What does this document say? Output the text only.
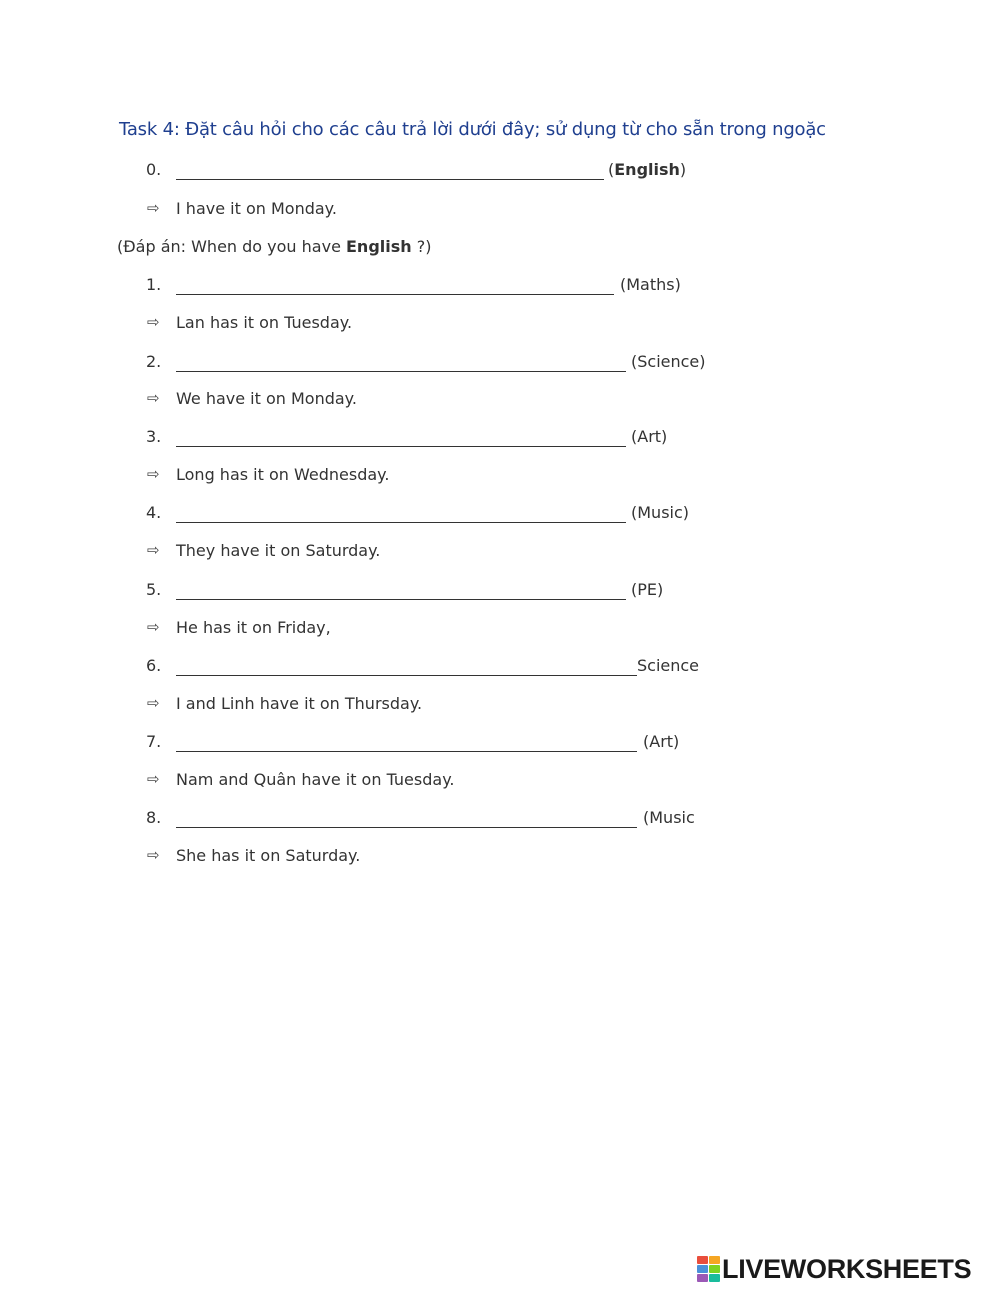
Task 4: Đặt câu hỏi cho các câu trả lời dưới đây; sử dụng từ cho sẵn trong ngoặc
0.	(English)
⇨ I have it on Monday.
(Đáp án: When do you have English ?)
1.	(Maths)
⇨ Lan has it on Tuesday.
2.	(Science)
⇨ We have it on Monday.
3.	(Art)
⇨ Long has it on Wednesday.
4.	(Music)
⇨ They have it on Saturday.
5.	(PE)
⇨ He has it on Friday,
6.	Science
⇨ I and Linh have it on Thursday.
7.	(Art)
⇨ Nam and Quân have it on Tuesday.
8.	(Music
⇨ She has it on Saturday.
LIVEWORKSHEETS
